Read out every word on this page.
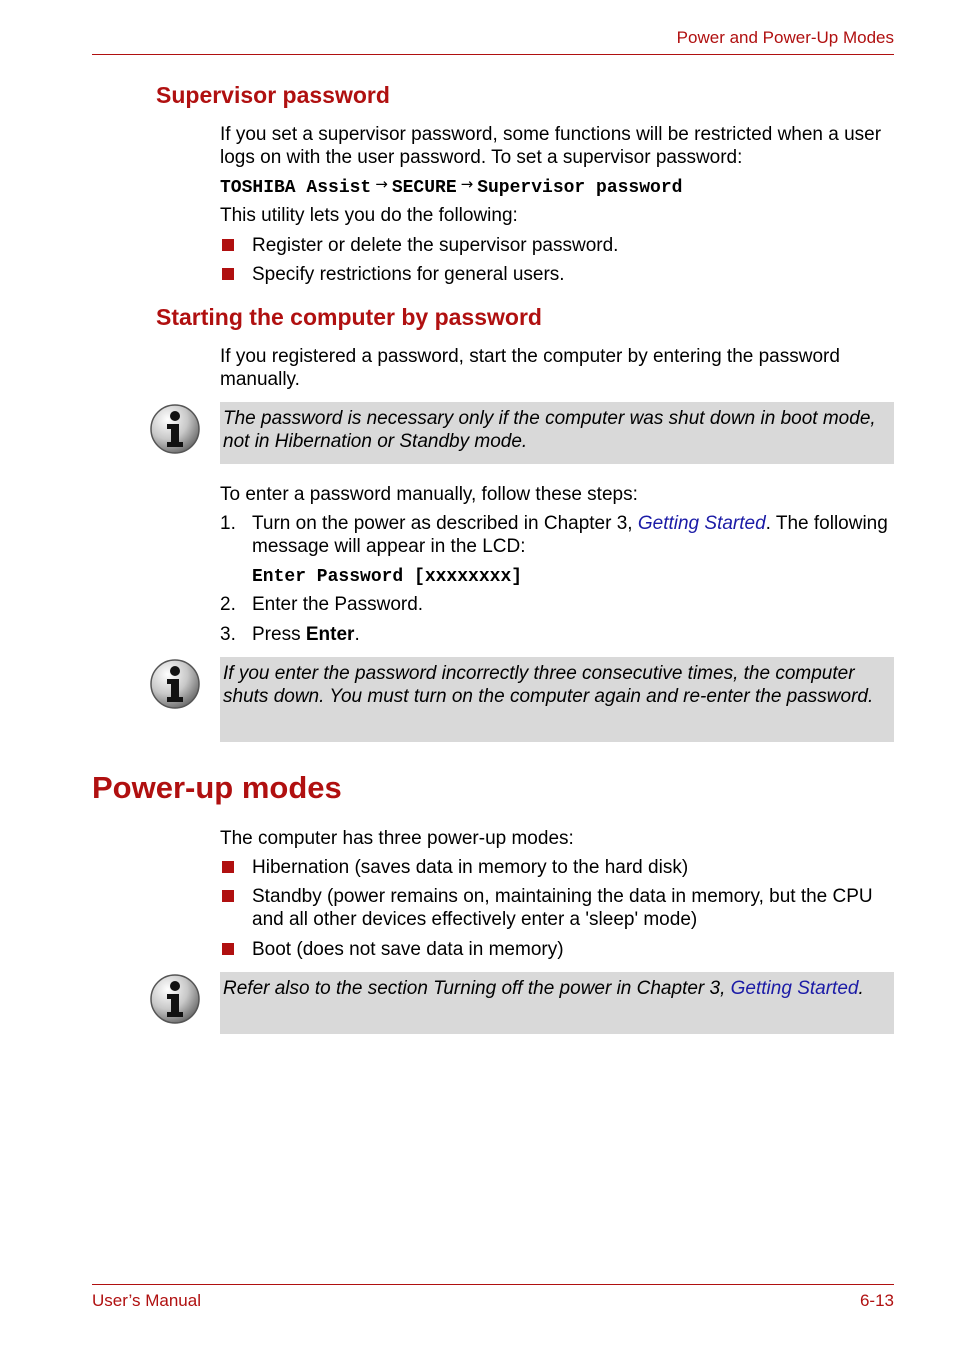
Power and Power-Up Modes
Supervisor password
If you set a supervisor password, some functions will be restricted when a user logs on with the user password. To set a supervisor password:
TOSHIBA Assist → SECURE → Supervisor password
This utility lets you do the following:
Register or delete the supervisor password.
Specify restrictions for general users.
Starting the computer by password
If you registered a password, start the computer by entering the password manually.
The password is necessary only if the computer was shut down in boot mode, not in Hibernation or Standby mode.
To enter a password manually, follow these steps:
1. Turn on the power as described in Chapter 3, Getting Started. The following message will appear in the LCD:
Enter Password [xxxxxxxx]
2. Enter the Password.
3. Press Enter.
If you enter the password incorrectly three consecutive times, the computer shuts down. You must turn on the computer again and re-enter the password.
Power-up modes
The computer has three power-up modes:
Hibernation (saves data in memory to the hard disk)
Standby (power remains on, maintaining the data in memory, but the CPU and all other devices effectively enter a 'sleep' mode)
Boot (does not save data in memory)
Refer also to the section Turning off the power in Chapter 3, Getting Started.
User’s Manual	6-13
